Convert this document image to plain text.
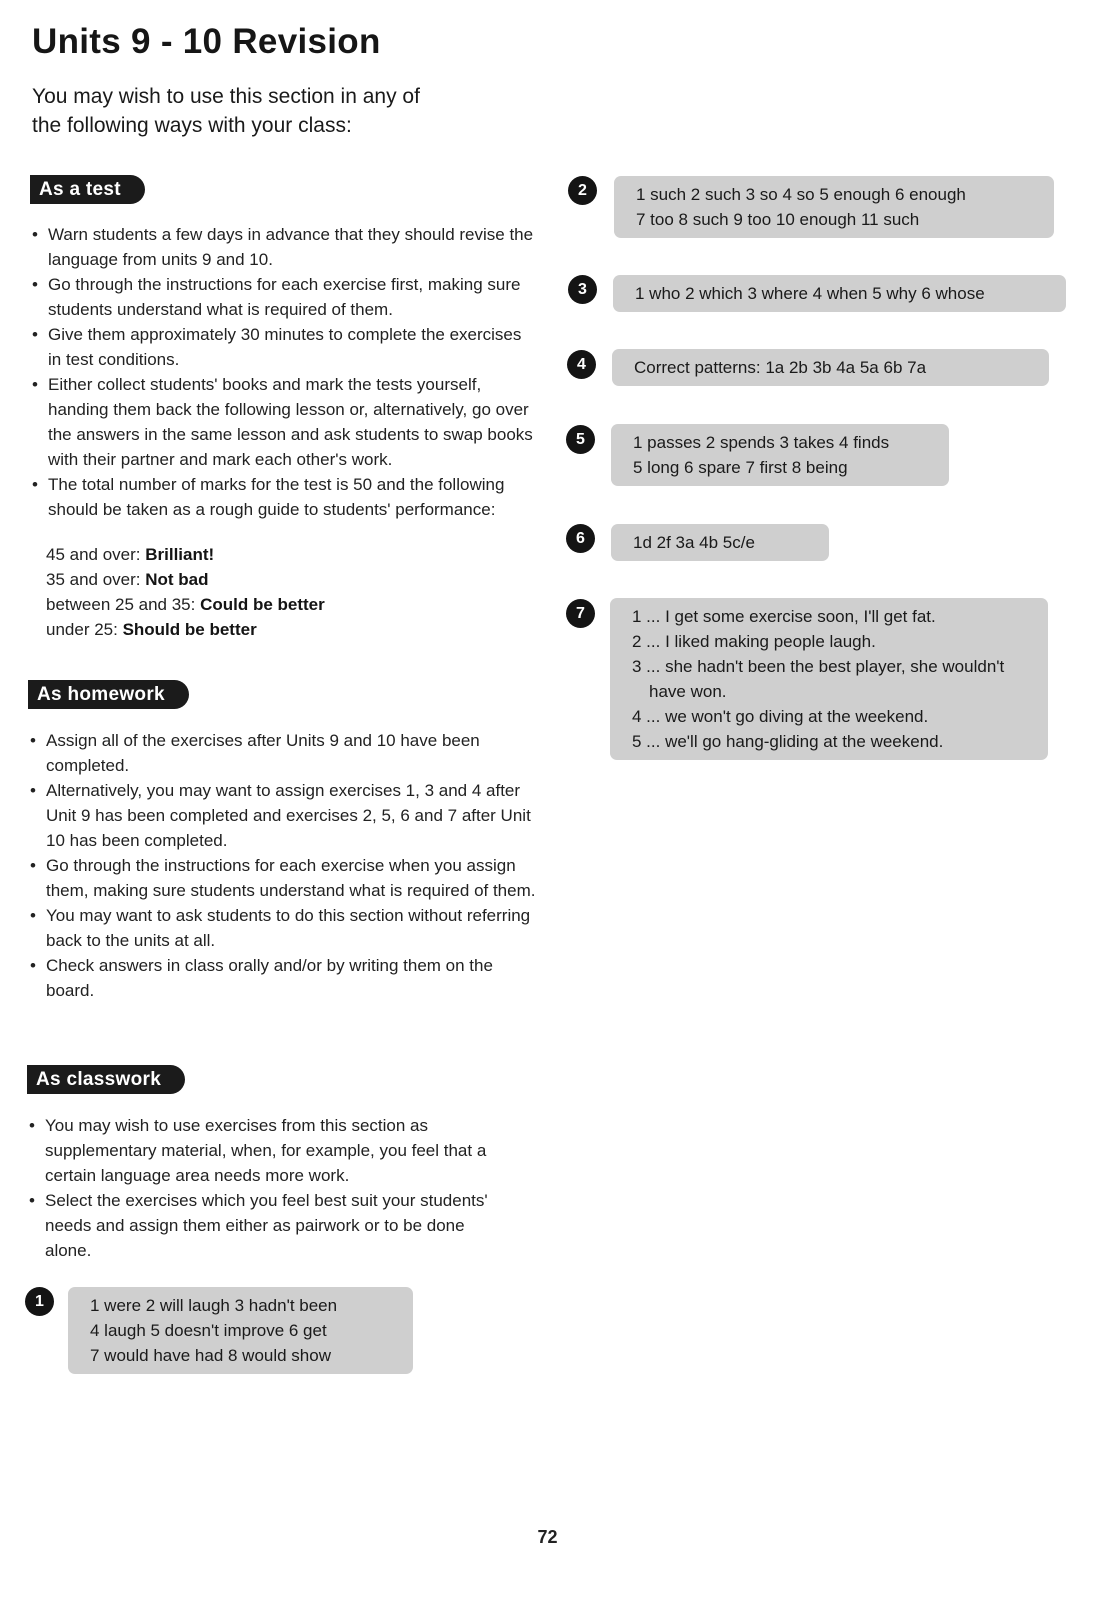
Units 9 - 10 Revision
You may wish to use this section in any of the following ways with your class:
As a test
• Warn students a few days in advance that they should revise the language from units 9 and 10.
• Go through the instructions for each exercise first, making sure students understand what is required of them.
• Give them approximately 30 minutes to complete the exercises in test conditions.
• Either collect students' books and mark the tests yourself, handing them back the following lesson or, alternatively, go over the answers in the same lesson and ask students to swap books with their partner and mark each other's work.
• The total number of marks for the test is 50 and the following should be taken as a rough guide to students' performance:
45 and over: Brilliant!
35 and over: Not bad
between 25 and 35: Could be better
under 25: Should be better
As homework
• Assign all of the exercises after Units 9 and 10 have been completed.
• Alternatively, you may want to assign exercises 1, 3 and 4 after Unit 9 has been completed and exercises 2, 5, 6 and 7 after Unit 10 has been completed.
• Go through the instructions for each exercise when you assign them, making sure students understand what is required of them.
• You may want to ask students to do this section without referring back to the units at all.
• Check answers in class orally and/or by writing them on the board.
As classwork
• You may wish to use exercises from this section as supplementary material, when, for example, you feel that a certain language area needs more work.
• Select the exercises which you feel best suit your students' needs and assign them either as pairwork or to be done alone.
1	1 were 2 will laugh 3 hadn't been
4 laugh 5 doesn't improve 6 get
7 would have had 8 would show
2	1 such 2 such 3 so 4 so 5 enough 6 enough
7 too 8 such 9 too 10 enough 11 such
3	1 who 2 which 3 where 4 when 5 why 6 whose
4	Correct patterns: 1a 2b 3b 4a 5a 6b 7a
5	1 passes 2 spends 3 takes 4 finds
5 long 6 spare 7 first 8 being
6	1d 2f 3a 4b 5c/e
7	1 ... I get some exercise soon, I'll get fat.
2 ... I liked making people laugh.
3 ... she hadn't been the best player, she wouldn't
have won.
4 ... we won't go diving at the weekend.
5 ... we'll go hang-gliding at the weekend.
72
